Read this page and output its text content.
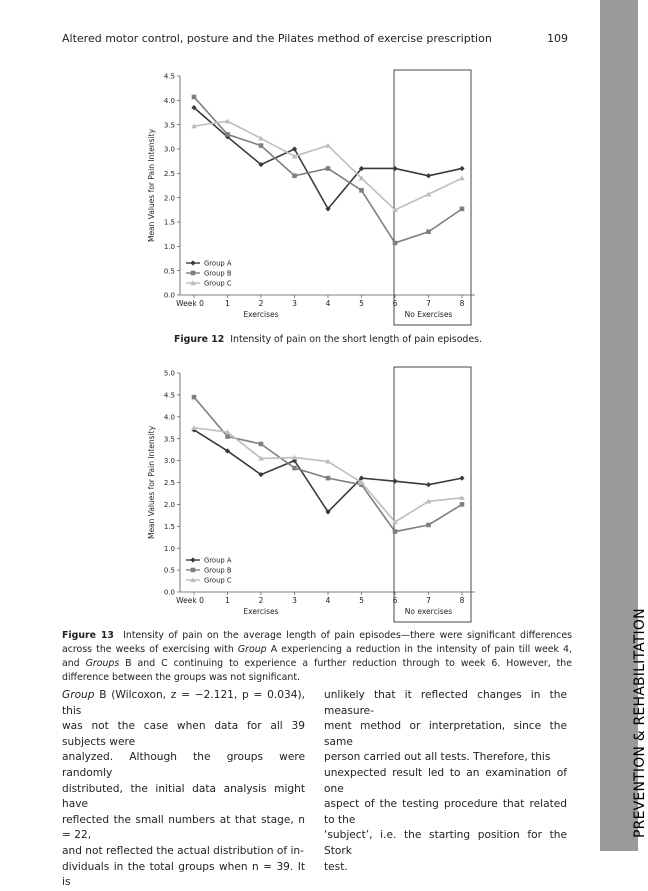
Altered motor control, posture and the Pilates method of exercise prescription	109
PREVENTION & REHABILITATION
0.0
0.5
1.0
1.5
2.0
2.5
3.0
3.5
4.0
4.5
Week 0	1	2	3	4	5	6	7	8
Exercises	No Exercises
Mean Values for Pain Intensity
Group A
Group B
Group C
Figure 12 Intensity of pain on the short length of pain episodes.
0.0
0.5
1.0
1.5
2.0
2.5
3.0
3.5
4.0
4.5
5.0
Week 0	1	2	3	4	5	6	7	8
Exercises	No exercises
Mean Values for Pain Intensity
Group A
Group B
Group C
Figure 13 Intensity of pain on the average length of pain episodes—there were significant differences across the weeks of exercising with Group A experiencing a reduction in the intensity of pain till week 4, and Groups B and C continuing to experience a further reduction through to week 6. However, the difference between the groups was not significant.

Group B (Wilcoxon, z = −2.121, p = 0.034), this

was not the case when data for all 39 subjects were

analyzed. Although the groups were randomly

distributed, the initial data analysis might have

reflected the small numbers at that stage, n = 22,

and not reflected the actual distribution of in-

dividuals in the total groups when n = 39. It is

unlikely that it reflected changes in the measure-

ment method or interpretation, since the same

person carried out all tests. Therefore, this

unexpected result led to an examination of one

aspect of the testing procedure that related to the

‘subject’, i.e. the starting position for the Stork

test.
